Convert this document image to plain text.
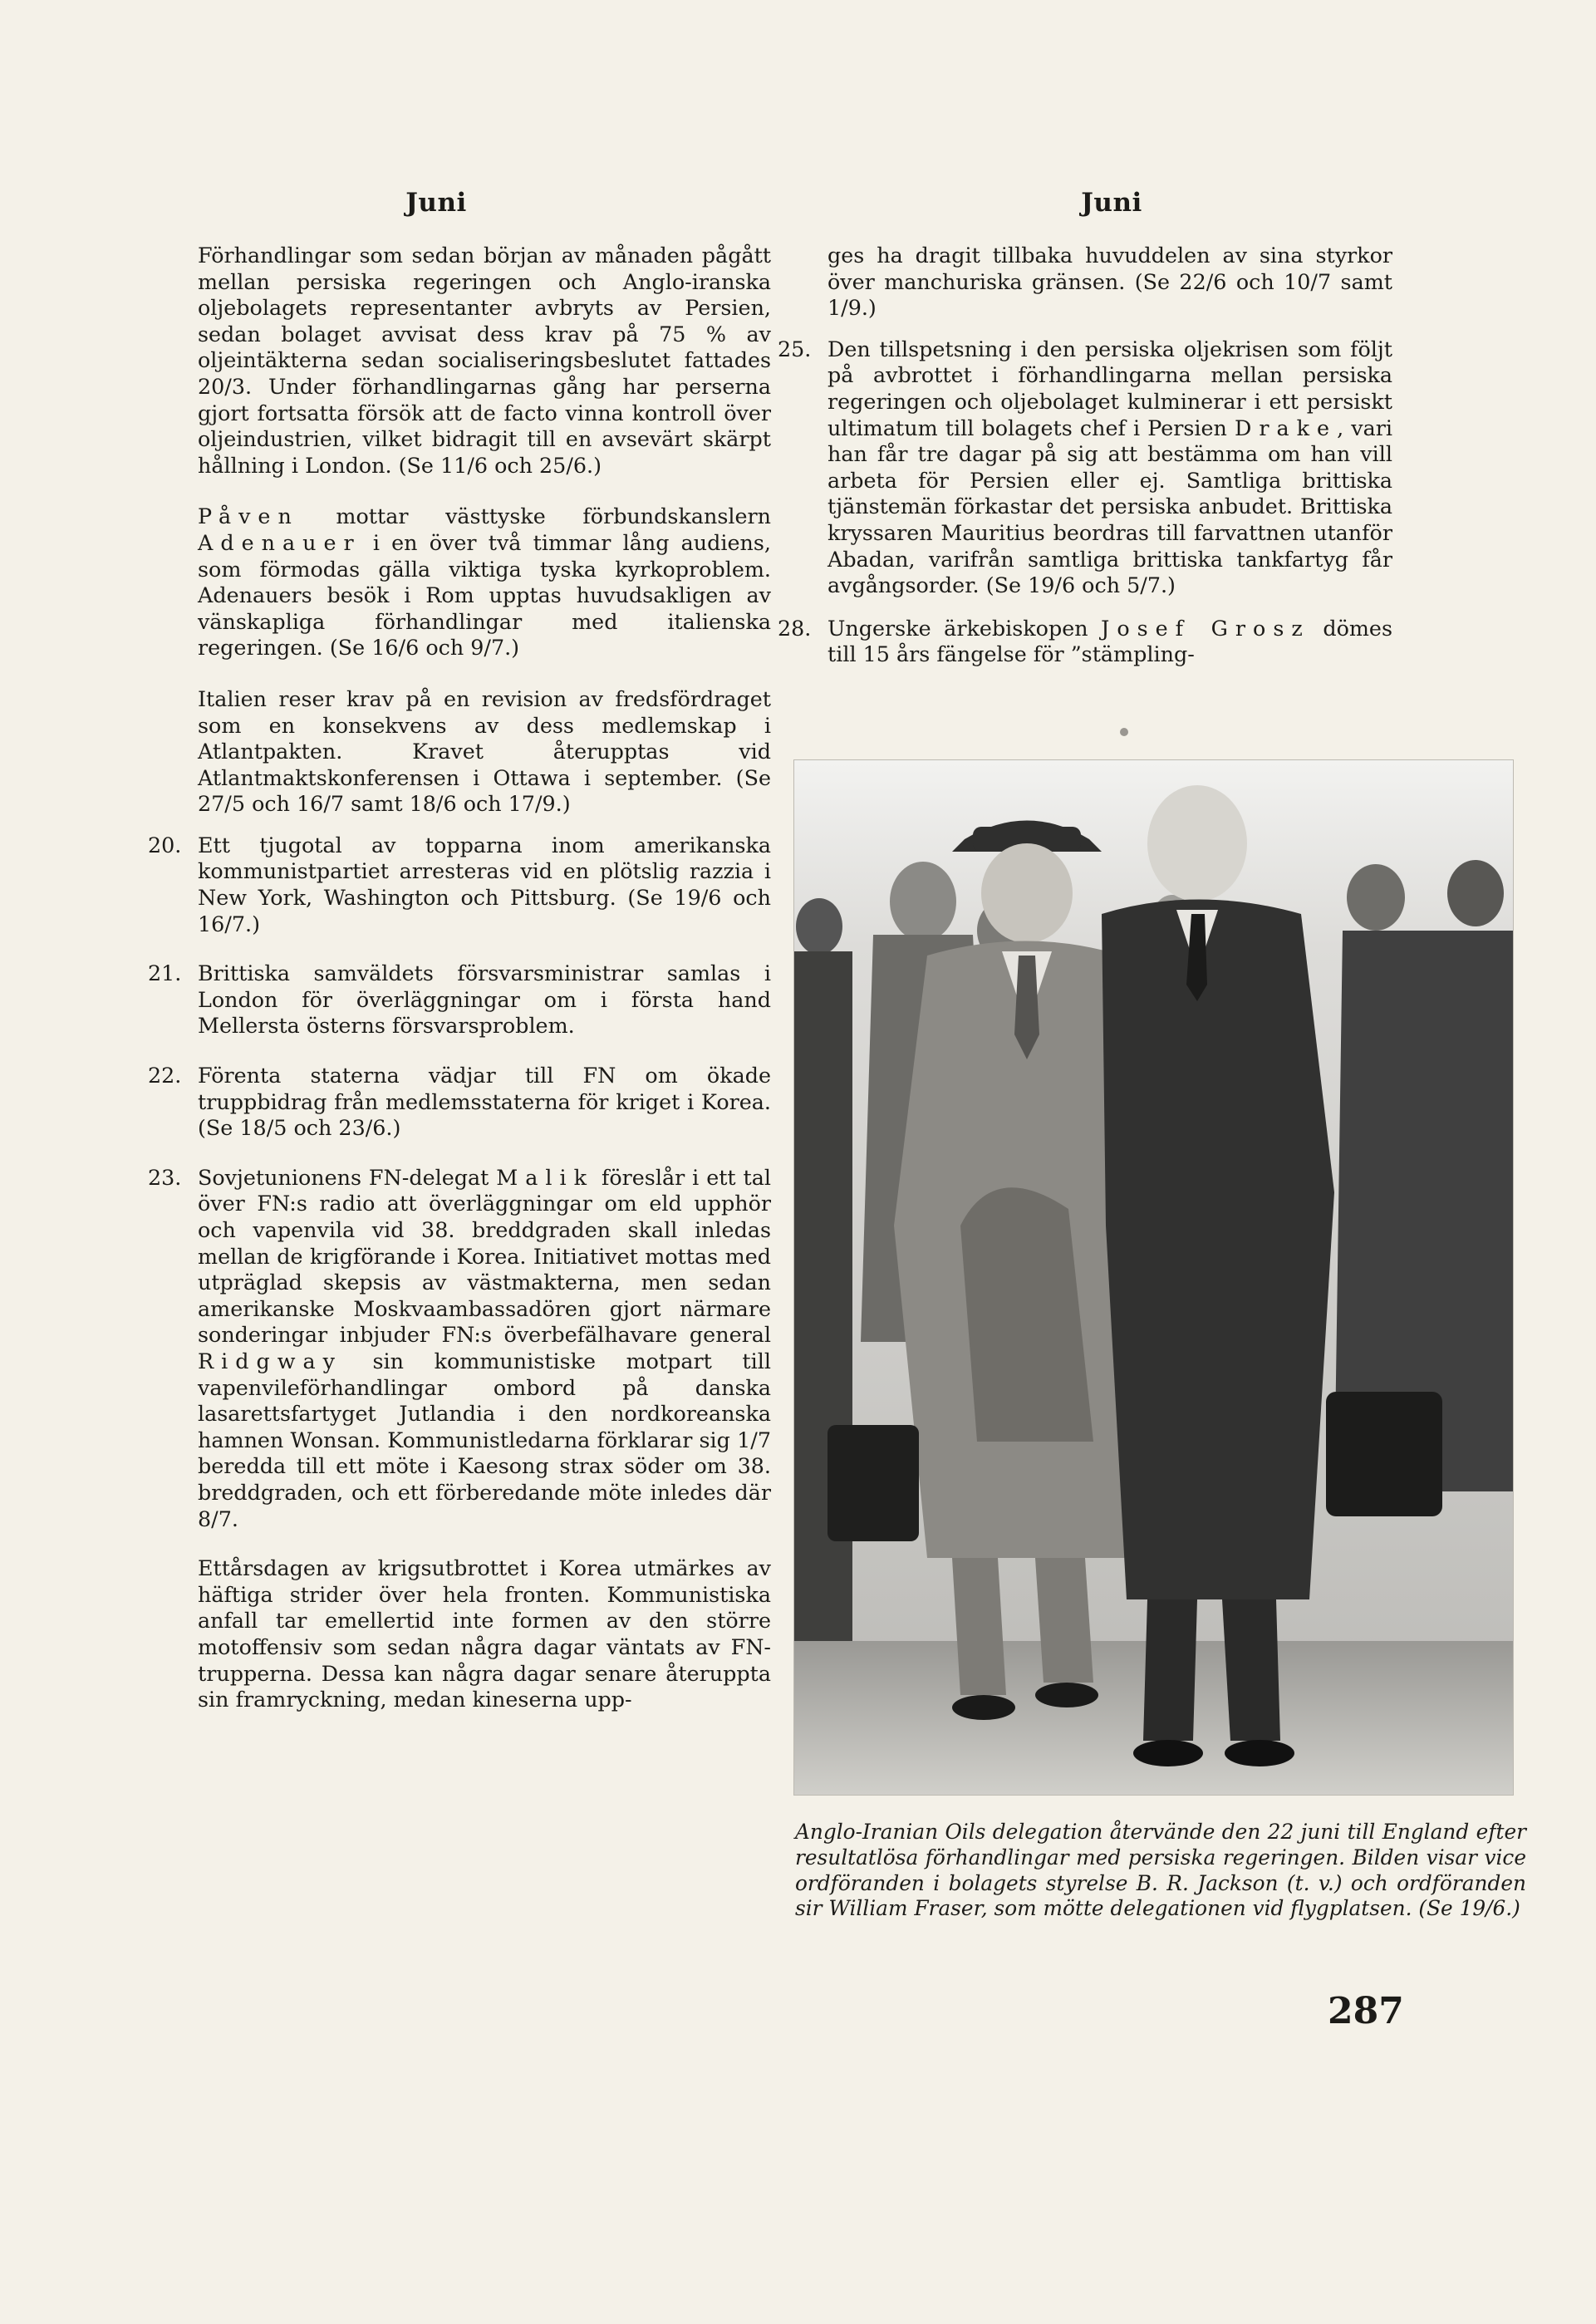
Juni	Juni

Förhandlingar som sedan början av månaden pågått mellan persiska regeringen och Anglo-iranska oljebolagets representanter avbryts av Persien, sedan bolaget avvisat dess krav på 75 % av oljeintäkterna sedan socialiseringsbeslutet fattades 20/3. Under förhandlingarnas gång har perserna gjort fortsatta försök att de facto vinna kontroll över oljeindustrien, vilket bidragit till en avsevärt skärpt hållning i London. (Se 11/6 och 25/6.)

Påven mottar västtyske förbundskanslern Adenauer i en över två timmar lång audiens, som förmodas gälla viktiga tyska kyrkoproblem. Adenauers besök i Rom upptas huvudsakligen av vänskapliga förhandlingar med italienska regeringen. (Se 16/6 och 9/7.)

Italien reser krav på en revision av fredsfördraget som en konsekvens av dess medlemskap i Atlantpakten. Kravet återupptas vid Atlantmaktskonferensen i Ottawa i september. (Se 27/5 och 16/7 samt 18/6 och 17/9.)

20. Ett tjugotal av topparna inom amerikanska kommunistpartiet arresteras vid en plötslig razzia i New York, Washington och Pittsburg. (Se 19/6 och 16/7.)
21. Brittiska samväldets försvarsministrar samlas i London för överläggningar om i första hand Mellersta österns försvarsproblem.
22. Förenta staterna vädjar till FN om ökade truppbidrag från medlemsstaterna för kriget i Korea. (Se 18/5 och 23/6.)
23. Sovjetunionens FN-delegat Malik föreslår i ett tal över FN:s radio att överläggningar om eld upphör och vapenvila vid 38. breddgraden skall inledas mellan de krigförande i Korea. Initiativet mottas med utpräglad skepsis av västmakterna, men sedan amerikanske Moskvaambassadören gjort närmare sonderingar inbjuder FN:s överbefälhavare general Ridgway sin kommunistiske motpart till vapenvileförhandlingar ombord på danska lasarettsfartyget Jutlandia i den nordkoreanska hamnen Wonsan. Kommunistledarna förklarar sig 1/7 beredda till ett möte i Kaesong strax söder om 38. breddgraden, och ett förberedande möte inledes där 8/7.

Ettårsdagen av krigsutbrottet i Korea utmärkes av häftiga strider över hela fronten. Kommunistiska anfall tar emellertid inte formen av den större motoffensiv som sedan några dagar väntats av FN-trupperna. Dessa kan några dagar senare återuppta sin framryckning, medan kineserna upp-

ges ha dragit tillbaka huvuddelen av sina styrkor över manchuriska gränsen. (Se 22/6 och 10/7 samt 1/9.)

25. Den tillspetsning i den persiska oljekrisen som följt på avbrottet i förhandlingarna mellan persiska regeringen och oljebolaget kulminerar i ett persiskt ultimatum till bolagets chef i Persien Drake, vari han får tre dagar på sig att bestämma om han vill arbeta för Persien eller ej. Samtliga brittiska tjänstemän förkastar det persiska anbudet. Brittiska kryssaren Mauritius beordras till farvattnen utanför Abadan, varifrån samtliga brittiska tankfartyg får avgångsorder. (Se 19/6 och 5/7.)
28. Ungerske ärkebiskopen Josef Grosz dömes till 15 års fängelse för ”stämpling-
Anglo-Iranian Oils delegation återvände den 22 juni till England efter resultatlösa förhandlingar med persiska regeringen. Bilden visar vice ordföranden i bolagets styrelse B. R. Jackson (t. v.) och ordföranden sir William Fraser, som mötte delegationen vid flygplatsen. (Se 19/6.)
287
